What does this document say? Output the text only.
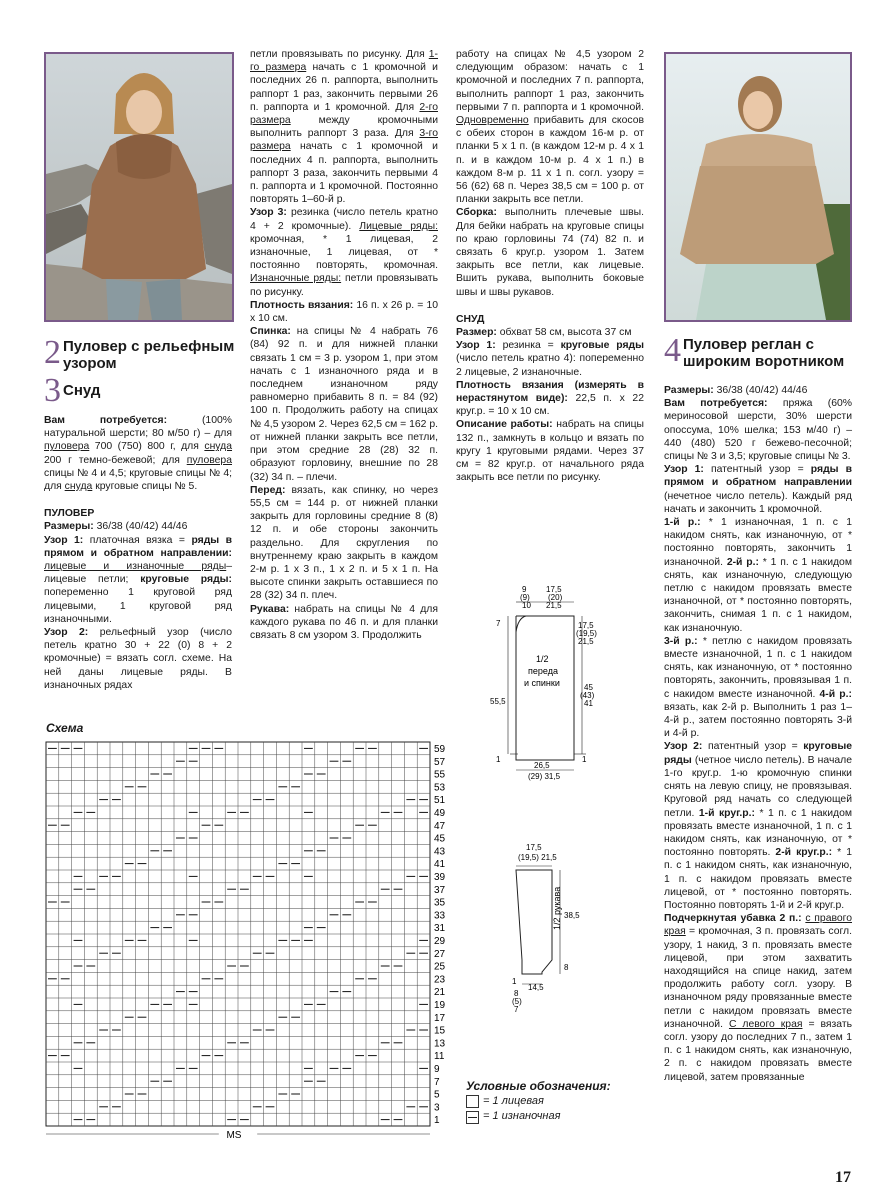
2 Пуловер с рельефным узором
3 Снуд

Вам потребуется:	(100% натуральной шерсти; 80 м/50 г) – для пуловера 700 (750) 800 г, для снуда 200 г темно-бежевой; для пуловера спицы № 4 и 4,5; круговые спицы № 4; для снуда круговые спицы № 5.

ПУЛОВЕР

Размеры: 36/38 (40/42) 44/46

Узор 1: платочная вязка = ряды в прямом и обратном направлении: лицевые и изнаночные ряды– лицевые петли; круговые ряды: попеременно 1 круговой ряд лицевыми, 1 круговой ряд изнаночными.

Узор 2: рельефный узор (число петель кратно 30 + 22 (0) 8 + 2 кромочные) = вязать согл. схеме. На ней даны лицевые ряды. В изнаночных рядах

петли провязывать по рисунку. Для 1-го размера начать с 1 кромочной и последних 26 п. раппорта, выполнить раппорт 1 раз, закончить первыми 26 п. раппорта и 1 кромочной. Для 2-го размера	между кромочными выполнить раппорт 3 раза. Для 3-го размера начать с 1 кромочной и последних 4 п. раппорта, выполнить раппорт 3 раза, закончить первыми 4 п. раппорта и 1 кромочной. Постоянно повторять 1–60-й р.

Узор 3: резинка (число петель кратно 4 + 2 кромочные). Лицевые ряды: кромочная, * 1 лицевая, 2 изнаночные, 1 лицевая, от * постоянно повторять, кромочная. Изнаночные ряды: петли провязывать по рисунку.

Плотность вязания: 16 п. х 26 р. = 10 х 10 см.

Спинка: на спицы № 4 набрать 76 (84) 92 п. и для нижней планки связать 1 см = 3 р. узором 1, при этом начать с 1 изнаночного ряда и в последнем изнаночном ряду равномерно прибавить 8 п. = 84 (92) 100 п. Продолжить работу на спицах № 4,5 узором 2. Через 62,5 см = 162 р. от нижней планки закрыть все петли, при этом средние 28 (28) 32 п. образуют горловину, внешние по 28 (32) 34 п. – плечи.

Перед: вязать, как спинку, но через 55,5 см = 144 р. от нижней планки закрыть для горловины средние 8 (8) 12 п. и обе стороны закончить раздельно. Для скругления по внутреннему краю закрыть в каждом 2-м р. 1 х 3 п., 1 х 2 п. и 5 х 1 п. На высоте спинки закрыть оставшиеся по 28 (32) 34 п. плеч.

Рукава: набрать на спицы № 4 для каждого рукава по 46 п. и для планки связать 8 см узором 3. Продолжить

работу на спицах № 4,5 узором 2 следующим образом: начать с 1 кромочной и последних 7 п. раппорта, выполнить раппорт 1 раз, закончить первыми 7 п. раппорта и 1 кромочной. Одновременно прибавить для скосов с обеих сторон в каждом 16-м р. от планки 5 х 1 п. (в каждом 12-м р. 4 х 1 п. и в каждом 10-м р. 4 х 1 п.) в каждом 8-м р. 11 х 1 п. согл. узору = 56 (62) 68 п. Через 38,5 см = 100 р. от планки закрыть все петли.

Сборка: выполнить плечевые швы. Для бейки набрать на круговые спицы по краю горловины 74 (74) 82 п. и связать 6 круг.р. узором 1. Затем закрыть все петли, как лицевые. Вшить рукава, выполнить боковые швы и швы рукавов.

СНУД

Размер: обхват 58 см, высота 37 см

Узор 1: резинка = круговые ряды (число петель кратно 4): попеременно 2 лицевые, 2 изнаночные.

Плотность вязания (измерять в нерастянутом виде): 22,5 п. х 22 круг.р. = 10 х 10 см.

Описание работы: набрать на спицы 132 п., замкнуть в кольцо и вязать по кругу 1 круговыми рядами. Через 37 см = 82 круг.р. от начального ряда закрыть все петли по рисунку.

4 Пуловер реглан с широким воротником

Размеры: 36/38 (40/42) 44/46

Вам потребуется: пряжа (60% мериносовой шерсти, 30% шерсти опоссума, 10% шелка; 153 м/40 г) – 440 (480) 520 г бежево-песочной; спицы № 3 и 3,5; круговые спицы № 3.

Узор 1: патентный узор = ряды в прямом и обратном направлении (нечетное число петель). Каждый ряд начать и закончить 1 кромочной.

1-й р.: * 1 изнаночная, 1 п. с 1 накидом снять, как изнаночную, от * постоянно повторять, закончить 1 изнаночной. 2-й р.: * 1 п. с 1 накидом снять, как изнаночную, следующую петлю с накидом провязать вместе изнаночной, от * постоянно повторять, закончить, снимая 1 п. с 1 накидом, как изнаночную.

3-й р.: * петлю с накидом провязать вместе изнаночной, 1 п. с 1 накидом снять, как изнаночную, от * постоянно повторять, закончить, провязывая 1 п. с накидом вместе изнаночной. 4-й р.: вязать, как 2-й р. Выполнить 1 раз 1–4-й р., затем постоянно повторять 3-й и 4-й р.

Узор 2: патентный узор = круговые ряды (четное число петель). В начале 1-го круг.р. 1-ю кромочную спинки снять на левую спицу, не провязывая. Круговой ряд начать со следующей петли. 1-й круг.р.: * 1 п. с 1 накидом провязать вместе изнаночной, 1 п. с 1 накидом снять, как изнаночную, от * постоянно повторять. 2-й круг.р.: * 1 п. с 1 накидом снять, как изнаночную, 1 п. с накидом провязать вместе лицевой, от * постоянно повторять. Постоянно повторять 1-й и 2-й круг.р.

Подчеркнутая убавка 2 п.: с правого края = кромочная, 3 п. провязать согл. узору, 1 накид, 3 п. провязать вместе лицевой, при этом захватить находящийся на спице накид, затем продолжить работу согл. узору. В изнаночном ряду провязанные вместе петли с накидом провязать вместе изнаночной. С левого края = вязать согл. узору до последних 7 п., затем 1 п. с 1 накидом снять, как изнаночную, 2 п. с накидом провязать вместе лицевой, затем провязанные

Схема
59
57
55
53
51
49
47
45
43
41
39
37
35
33
31
29
27
25
23
21
19
17
15
13
11
9
7
5
3
1
MS
9
(9)
10
17,5
(20)
21,5
7
55,5
1
17,5
(19,5)
21,5
45
(43)
41
1
1/2
переда
и спинки
26,5
(29) 31,5
17,5
(19,5) 21,5
38,5
8
1/2 рукава
1
14,5
8
(5)
7
Условные обозначения:
= 1 лицевая
= 1 изнаночная
17
